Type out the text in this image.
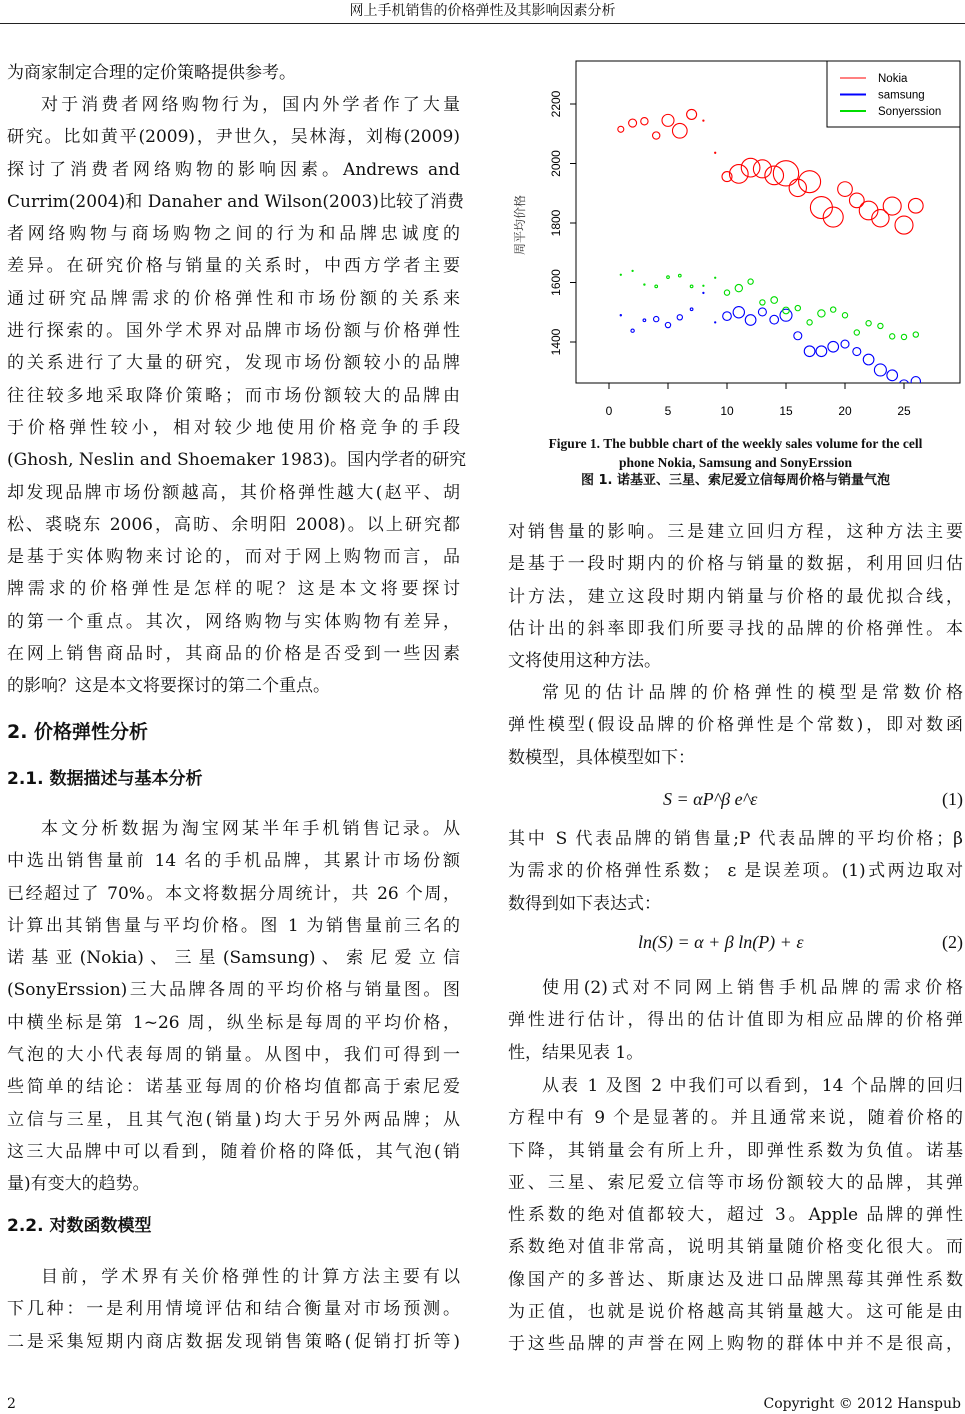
网上手机销售的价格弹性及其影响因素分析
为商家制定合理的定价策略提供参考。
对于消费者网络购物行为，国内外学者作了大量
研究。比如黄平(2009)，尹世久，吴林海，刘梅(2009)
探讨了消费者网络购物的影响因素。Andrews and
Currim(2004)和 Danaher and Wilson(2003)比较了消费
者网络购物与商场购物之间的行为和品牌忠诚度的
差异。在研究价格与销量的关系时，中西方学者主要
通过研究品牌需求的价格弹性和市场份额的关系来
进行探索的。国外学术界对品牌市场份额与价格弹性
的关系进行了大量的研究，发现市场份额较小的品牌
往往较多地采取降价策略；而市场份额较大的品牌由
于价格弹性较小，相对较少地使用价格竞争的手段
(Ghosh, Neslin and Shoemaker 1983)。国内学者的研究
却发现品牌市场份额越高，其价格弹性越大(赵平、胡
松、裘晓东 2006，高昉、余明阳 2008)。以上研究都
是基于实体购物来讨论的，而对于网上购物而言，品
牌需求的价格弹性是怎样的呢？这是本文将要探讨
的第一个重点。其次，网络购物与实体购物有差异，
在网上销售商品时，其商品的价格是否受到一些因素
的影响？这是本文将要探讨的第二个重点。
2. 价格弹性分析
2.1. 数据描述与基本分析
本文分析数据为淘宝网某半年手机销售记录。从
中选出销售量前 14 名的手机品牌，其累计市场份额
已经超过了 70%。本文将数据分周统计，共 26 个周，
计算出其销售量与平均价格。图 1 为销售量前三名的
诺 基 亚 (Nokia) 、 三 星 (Samsung) 、 索 尼 爱 立 信
(SonyErssion)三大品牌各周的平均价格与销量图。图
中横坐标是第 1~26 周，纵坐标是每周的平均价格，
气泡的大小代表每周的销量。从图中，我们可得到一
些简单的结论：诺基亚每周的价格均值都高于索尼爱
立信与三星，且其气泡(销量)均大于另外两品牌；从
这三大品牌中可以看到，随着价格的降低，其气泡(销
量)有变大的趋势。
2.2. 对数函数模型
目前，学术界有关价格弹性的计算方法主要有以
下几种：一是利用情境评估和结合衡量对市场预测。
二是采集短期内商店数据发现销售策略(促销打折等)
对销售量的影响。三是建立回归方程，这种方法主要
是基于一段时期内的价格与销量的数据，利用回归估
计方法，建立这段时期内销量与价格的最优拟合线，
估计出的斜率即我们所要寻找的品牌的价格弹性。本
文将使用这种方法。
常见的估计品牌的价格弹性的模型是常数价格
弹性模型(假设品牌的价格弹性是个常数)，即对数函
数模型，具体模型如下：
S = αP^β e^ε	(1)
其中 S 代表品牌的销售量;P 代表品牌的平均价格；β
为需求的价格弹性系数； ε 是误差项。(1)式两边取对
数得到如下表达式：
ln(S) = α + β ln(P) + ε	(2)
使用(2)式对不同网上销售手机品牌的需求价格
弹性进行估计，得出的估计值即为相应品牌的价格弹
性，结果见表 1。
从表 1 及图 2 中我们可以看到，14 个品牌的回归
方程中有 9 个是显著的。并且通常来说，随着价格的
下降，其销量会有所上升，即弹性系数为负值。诺基
亚、三星、索尼爱立信等市场份额较大的品牌，其弹
性系数的绝对值都较大，超过 3。Apple 品牌的弹性
系数绝对值非常高，说明其销量随价格变化很大。而
像国产的多普达、斯康达及进口品牌黑莓其弹性系数
为正值，也就是说价格越高其销量越大。这可能是由
于这些品牌的声誉在网上购物的群体中并不是很高，
0	5	10	15	20	25
1400
1600
1800
2000
2200
周平均价格
Nokia
samsung
Sonyerssion
Figure 1. The bubble chart of the weekly sales volume for the cell
phone Nokia, Samsung and SonyErssion
图 1. 诺基亚、三星、索尼爱立信每周价格与销量气泡
2	Copyright © 2012 Hanspub
